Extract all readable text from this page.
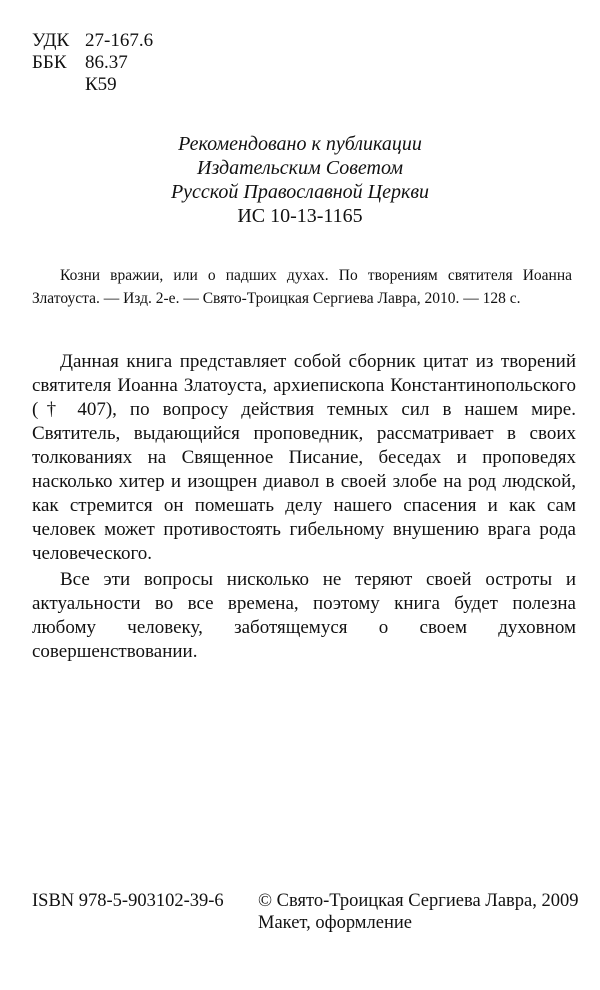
УДК 27-167.6
ББК 86.37
К59
Рекомендовано к публикации
Издательским Советом
Русской Православной Церкви
ИС 10-13-1165
Козни вражии, или о падших духах. По творениям святителя Иоанна Златоуста. — Изд. 2-е. — Свято-Троицкая Сергиева Лавра, 2010. — 128 с.

Данная книга представляет собой сборник цитат из творений святителя Иоанна Златоуста, архиепископа Константинопольского († 407), по вопросу действия темных сил в нашем мире. Святитель, выдающийся проповедник, рассматривает в своих толкованиях на Священное Писание, беседах и проповедях насколько хитер и изощрен диавол в своей злобе на род людской, как стремится он помешать делу нашего спасения и как сам человек может противостоять гибельному внушению врага рода человеческого.

Все эти вопросы нисколько не теряют своей остроты и актуальности во все времена, поэтому книга будет полезна любому человеку, заботящемуся о своем духовном совершенствовании.

ISBN 978-5-903102-39-6 © Свято-Троицкая Сергиева Лавра, 2009
Макет, оформление
